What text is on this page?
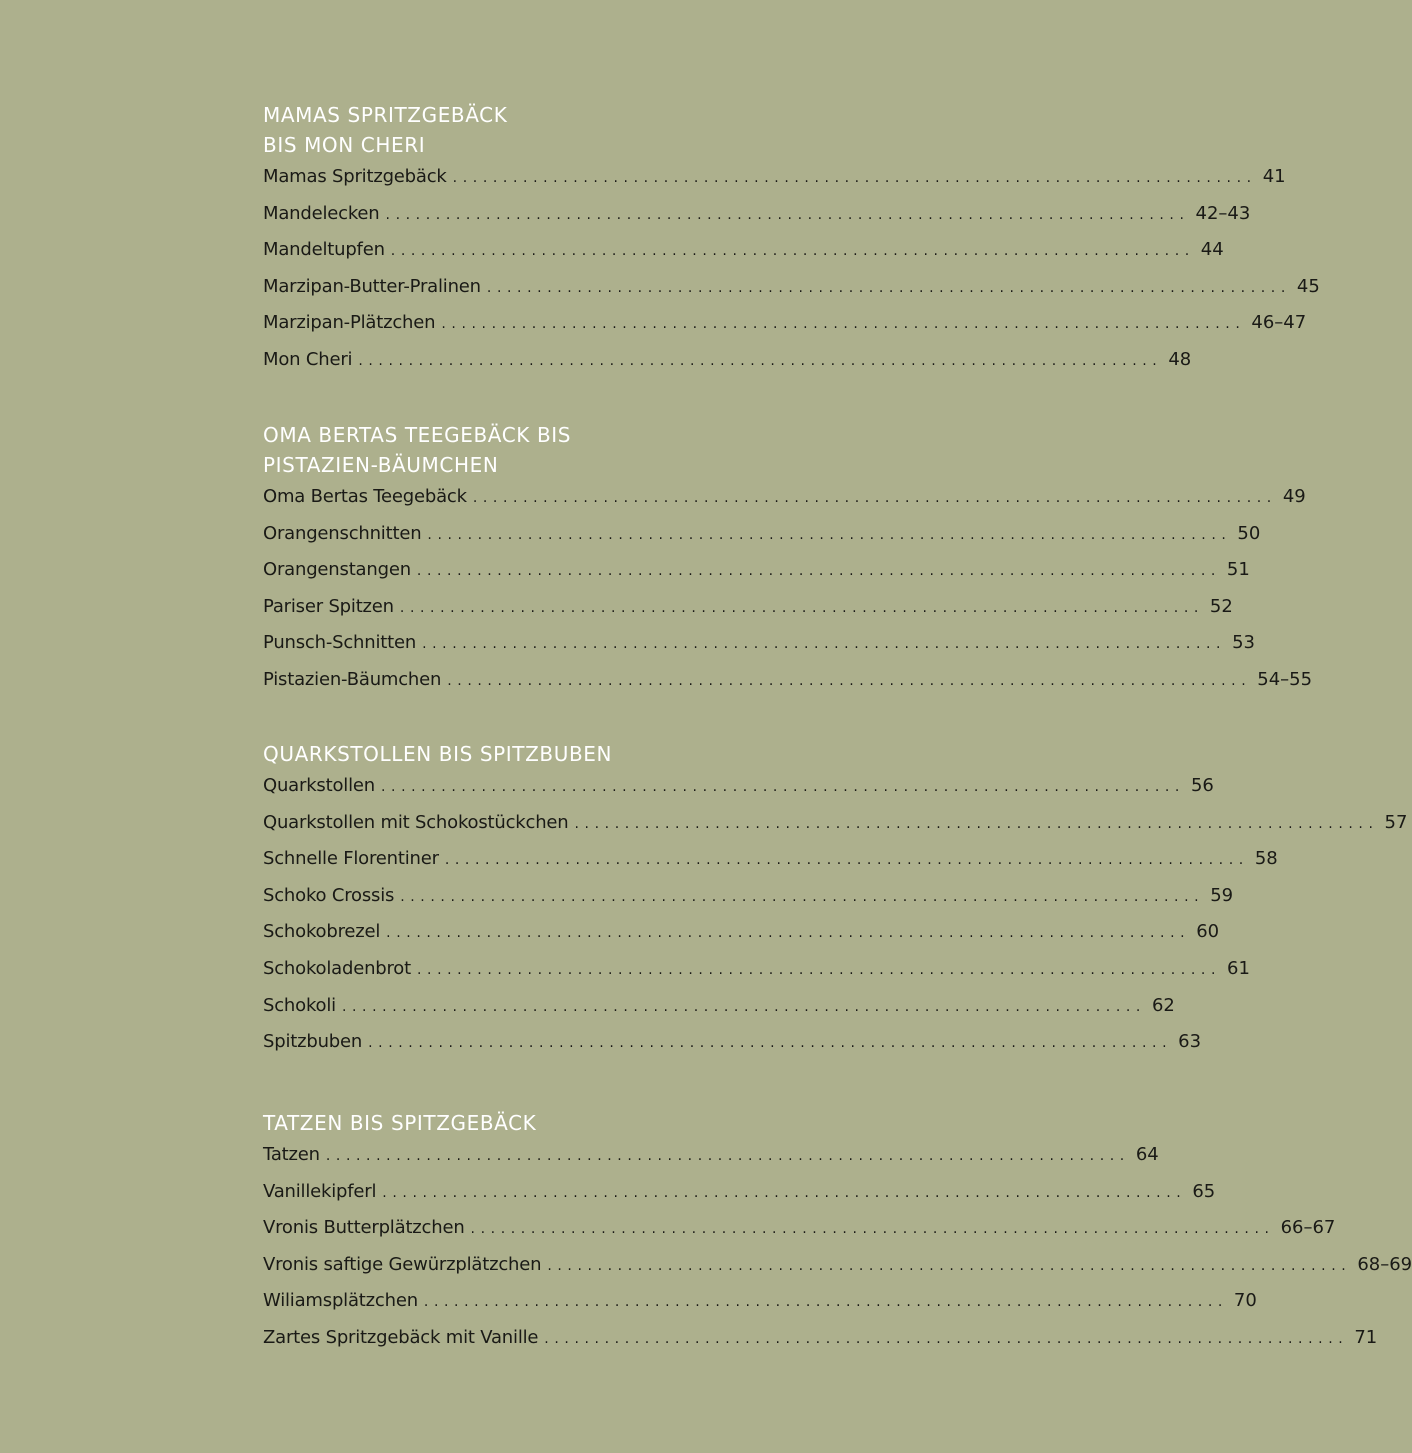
MAMAS SPRITZGEBÄCK
BIS MON CHERI
Mamas Spritzgebäck ................................................................................ 41
Mandelecken ................................................................................ 42–43
Mandeltupfen ................................................................................ 44
Marzipan-Butter-Pralinen ................................................................................ 45
Marzipan-Plätzchen ................................................................................ 46–47
Mon Cheri ................................................................................ 48
OMA BERTAS TEEGEBÄCK BIS
PISTAZIEN-BÄUMCHEN
Oma Bertas Teegebäck ................................................................................ 49
Orangenschnitten ................................................................................ 50
Orangenstangen ................................................................................ 51
Pariser Spitzen ................................................................................ 52
Punsch-Schnitten ................................................................................ 53
Pistazien-Bäumchen ................................................................................ 54–55
QUARKSTOLLEN BIS SPITZBUBEN
Quarkstollen ................................................................................ 56
Quarkstollen mit Schokostückchen ................................................................................ 57
Schnelle Florentiner ................................................................................ 58
Schoko Crossis ................................................................................ 59
Schokobrezel ................................................................................ 60
Schokoladenbrot ................................................................................ 61
Schokoli ................................................................................ 62
Spitzbuben ................................................................................ 63
TATZEN BIS SPITZGEBÄCK
Tatzen ................................................................................ 64
Vanillekipferl ................................................................................ 65
Vronis Butterplätzchen ................................................................................ 66–67
Vronis saftige Gewürzplätzchen ................................................................................ 68–69
Wiliamsplätzchen ................................................................................ 70
Zartes Spritzgebäck mit Vanille ................................................................................ 71
